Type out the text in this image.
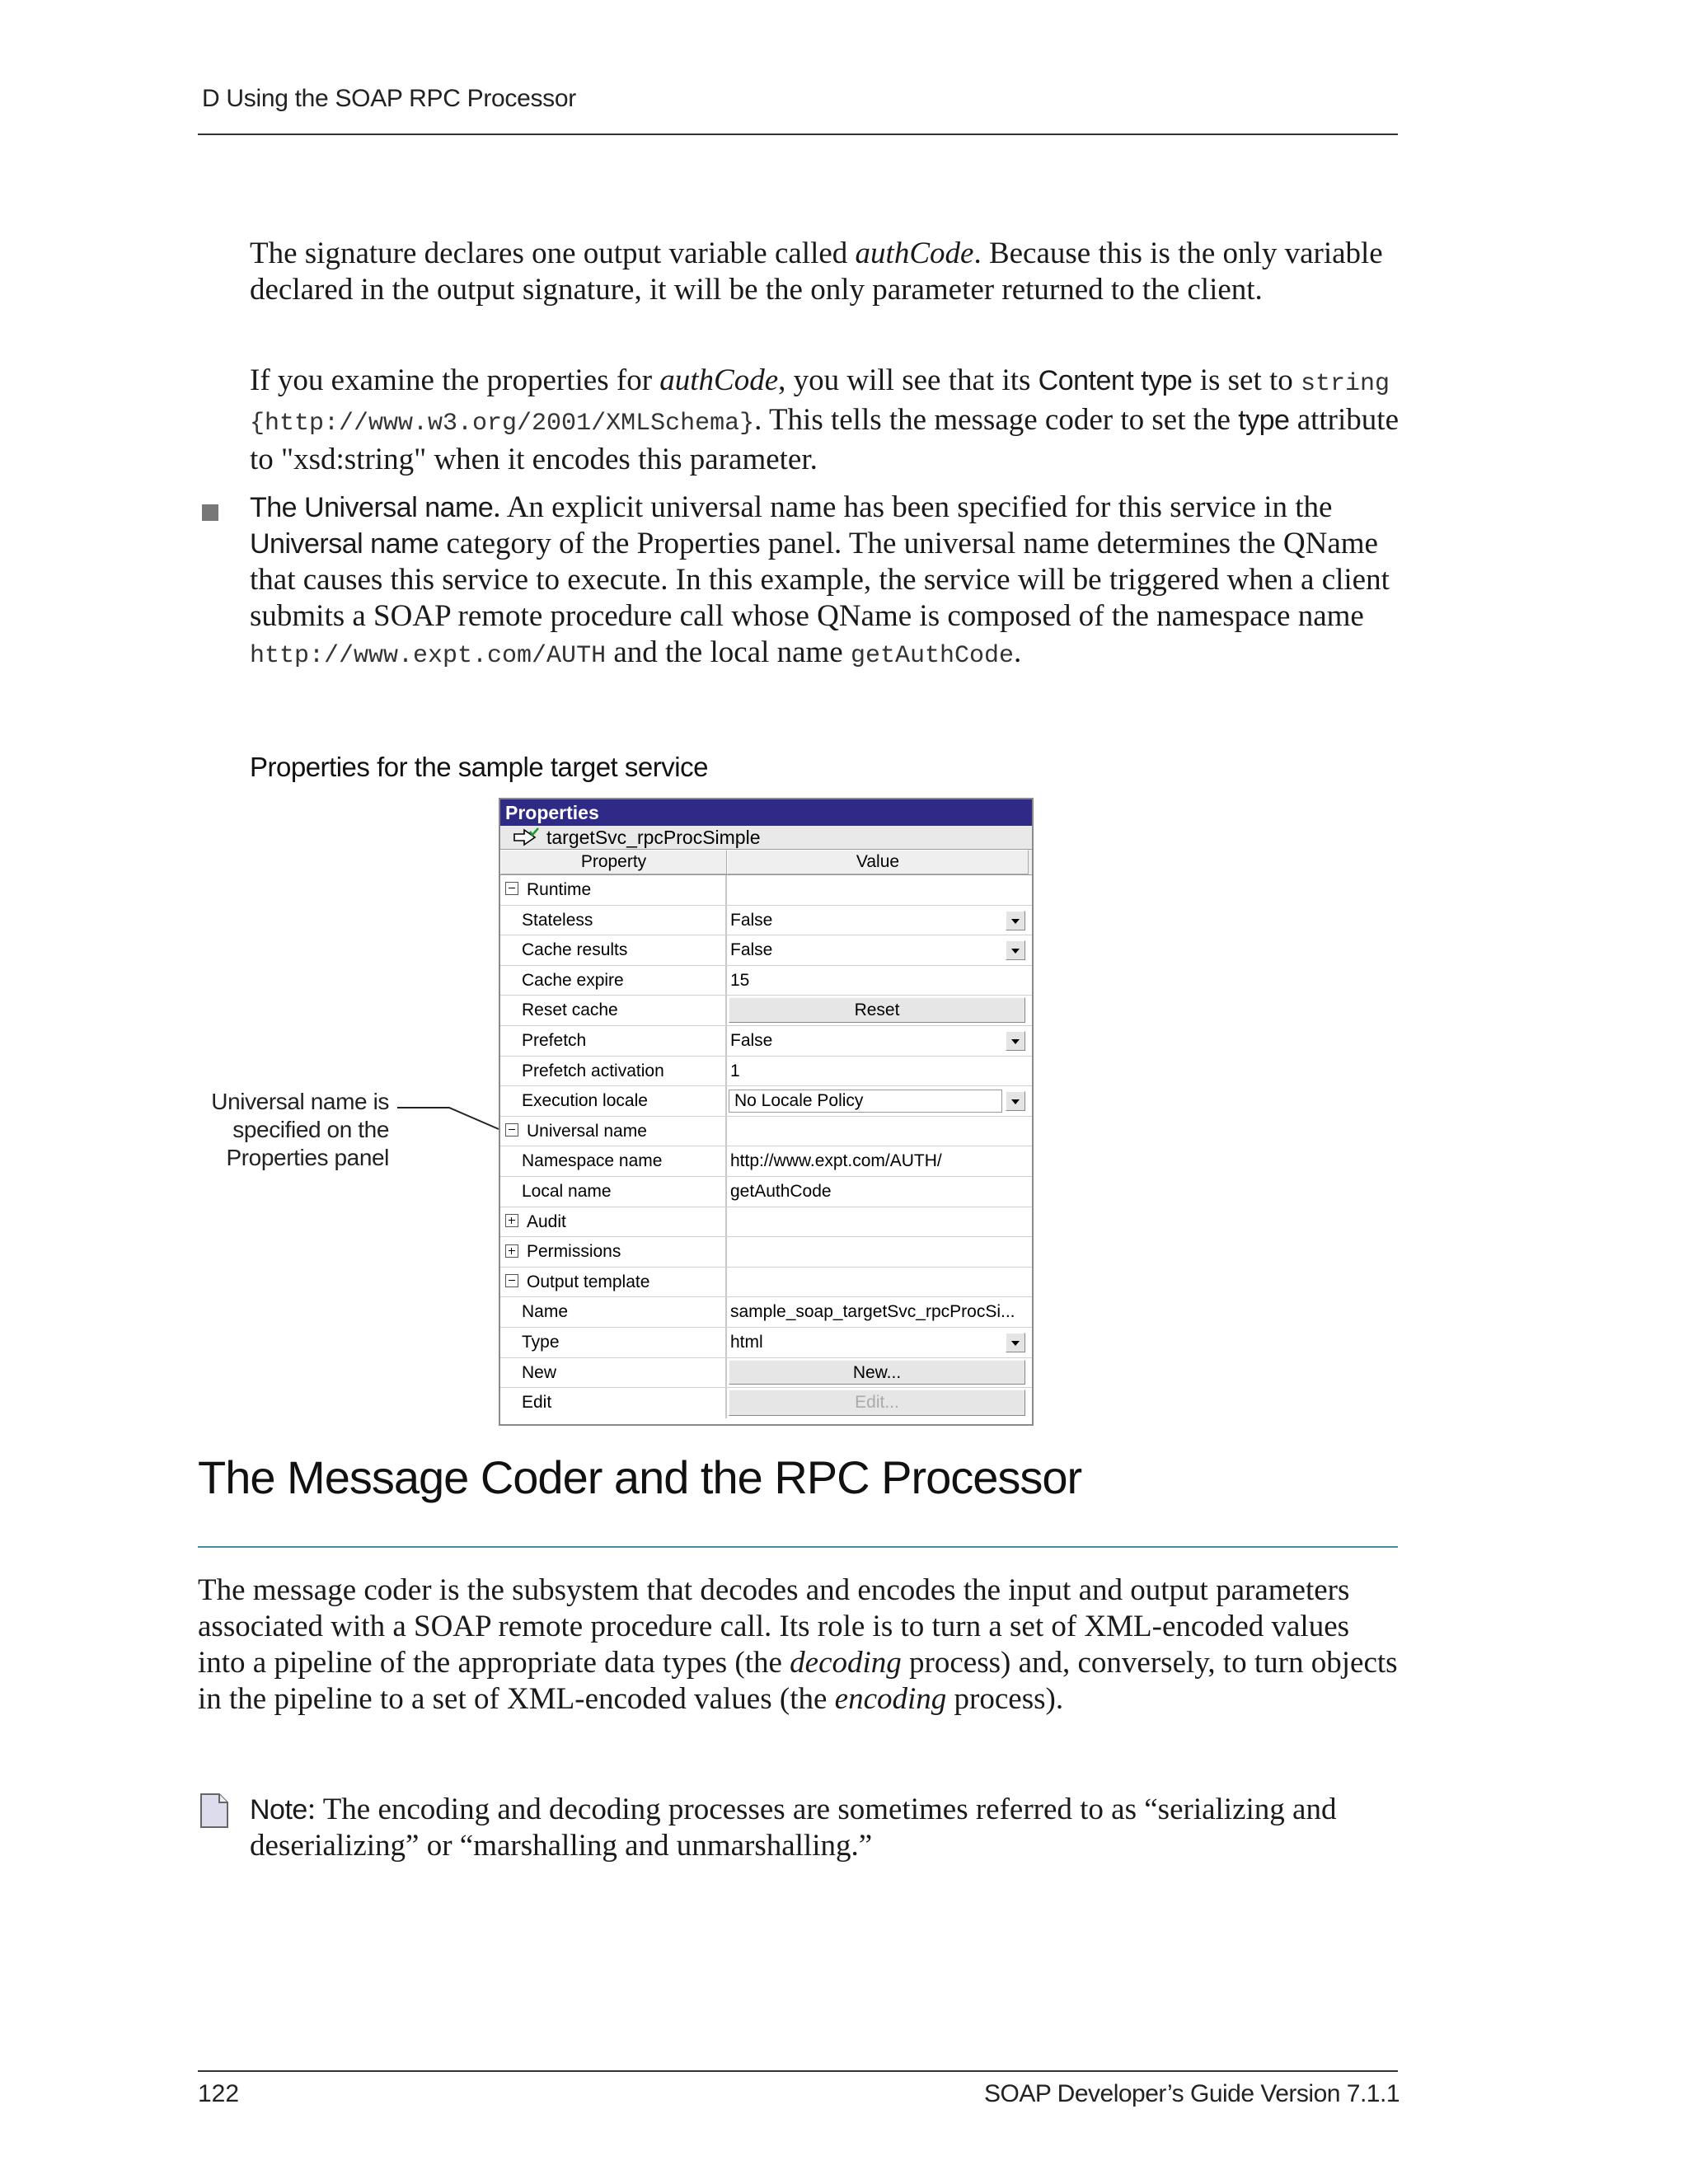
D Using the SOAP RPC Processor

The signature declares one output variable called authCode. Because this is the only variable declared in the output signature, it will be the only parameter returned to the client.

If you examine the properties for authCode, you will see that its Content type is set to string {http://www.w3.org/2001/XMLSchema}. This tells the message coder to set the type attribute to "xsd:string" when it encodes this parameter.

The Universal name. An explicit universal name has been specified for this service in the Universal name category of the Properties panel. The universal name determines the QName that causes this service to execute. In this example, the service will be triggered when a client submits a SOAP remote procedure call whose QName is composed of the namespace name http://www.expt.com/AUTH and the local name getAuthCode.

Properties for the sample target service
Universal name is
specified on the
Properties panel
Properties
targetSvc_rpcProcSimple
Property	Value
Runtime
Stateless	False
Cache results	False
Cache expire	15
Reset cache	Reset
Prefetch	False
Prefetch activation	1
Execution locale	No Locale Policy
Universal name
Namespace name	http://www.expt.com/AUTH/
Local name	getAuthCode
Audit
Permissions
Output template
Name	sample_soap_targetSvc_rpcProcSi...
Type	html
New	New...
Edit	Edit...
The Message Coder and the RPC Processor

The message coder is the subsystem that decodes and encodes the input and output parameters associated with a SOAP remote procedure call. Its role is to turn a set of XML-encoded values into a pipeline of the appropriate data types (the decoding process) and, conversely, to turn objects in the pipeline to a set of XML-encoded values (the encoding process).

Note: The encoding and decoding processes are sometimes referred to as “serializing and deserializing” or “marshalling and unmarshalling.”

122	SOAP Developer’s Guide Version 7.1.1
